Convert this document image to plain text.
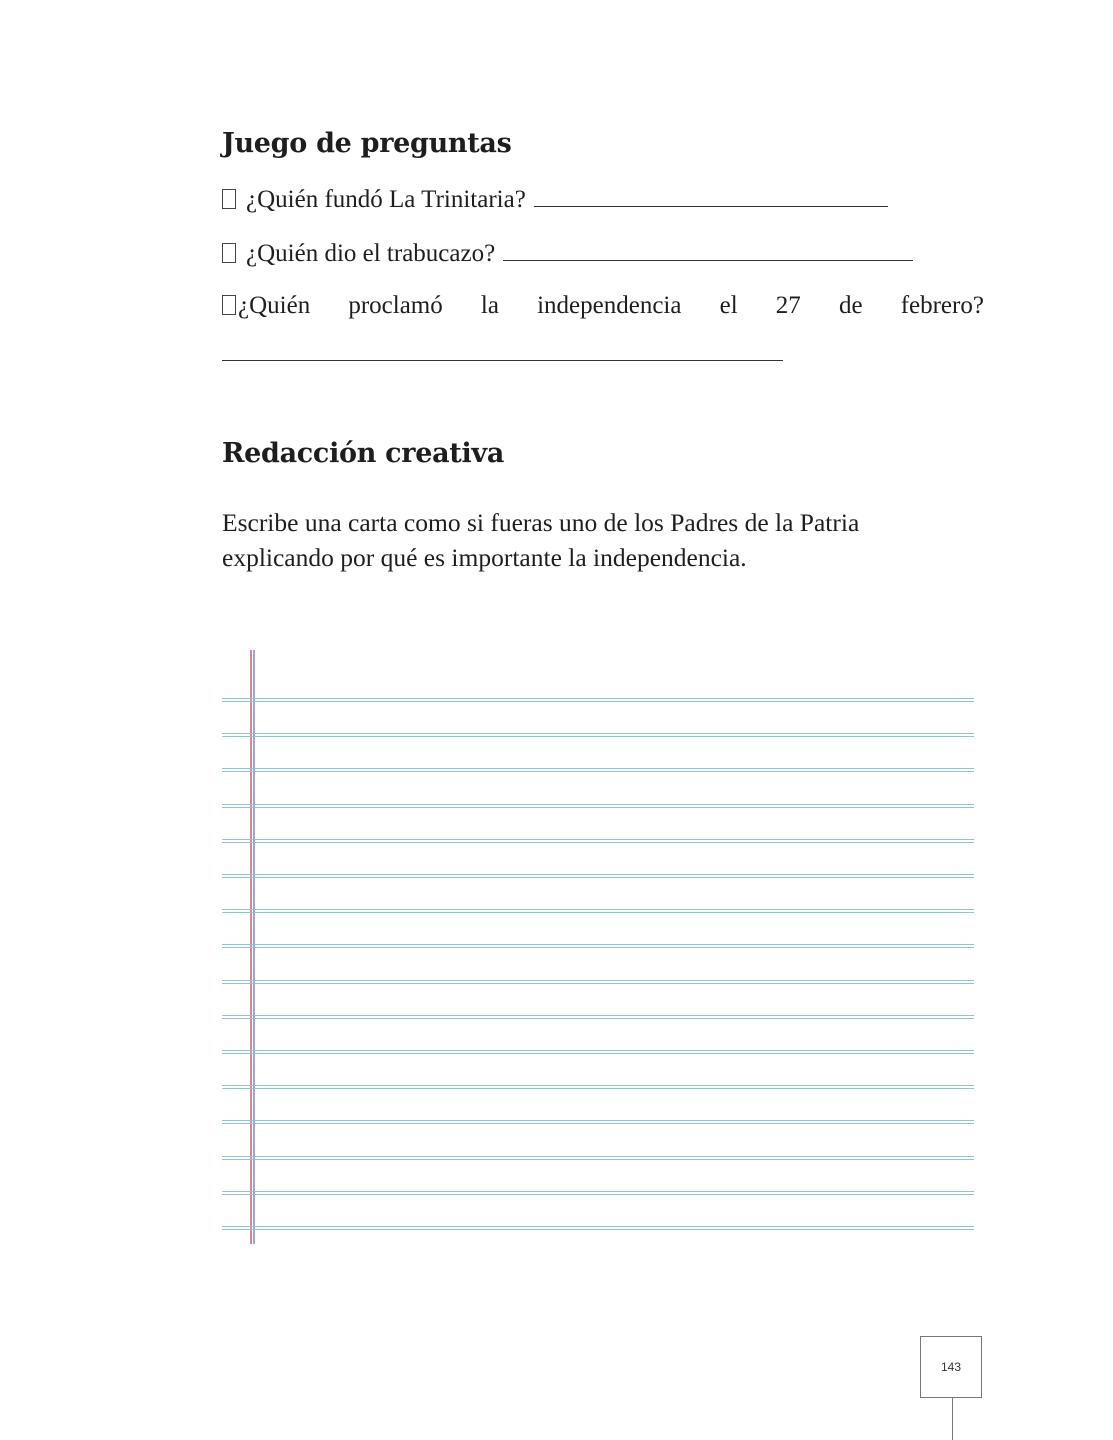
Juego de preguntas
¿Quién fundó La Trinitaria?
¿Quién dio el trabucazo?
¿Quién proclamó la independencia el 27 de febrero?
Redacción creativa

Escribe una carta como si fueras uno de los Padres de la Patria
explicando por qué es importante la independencia.

143
